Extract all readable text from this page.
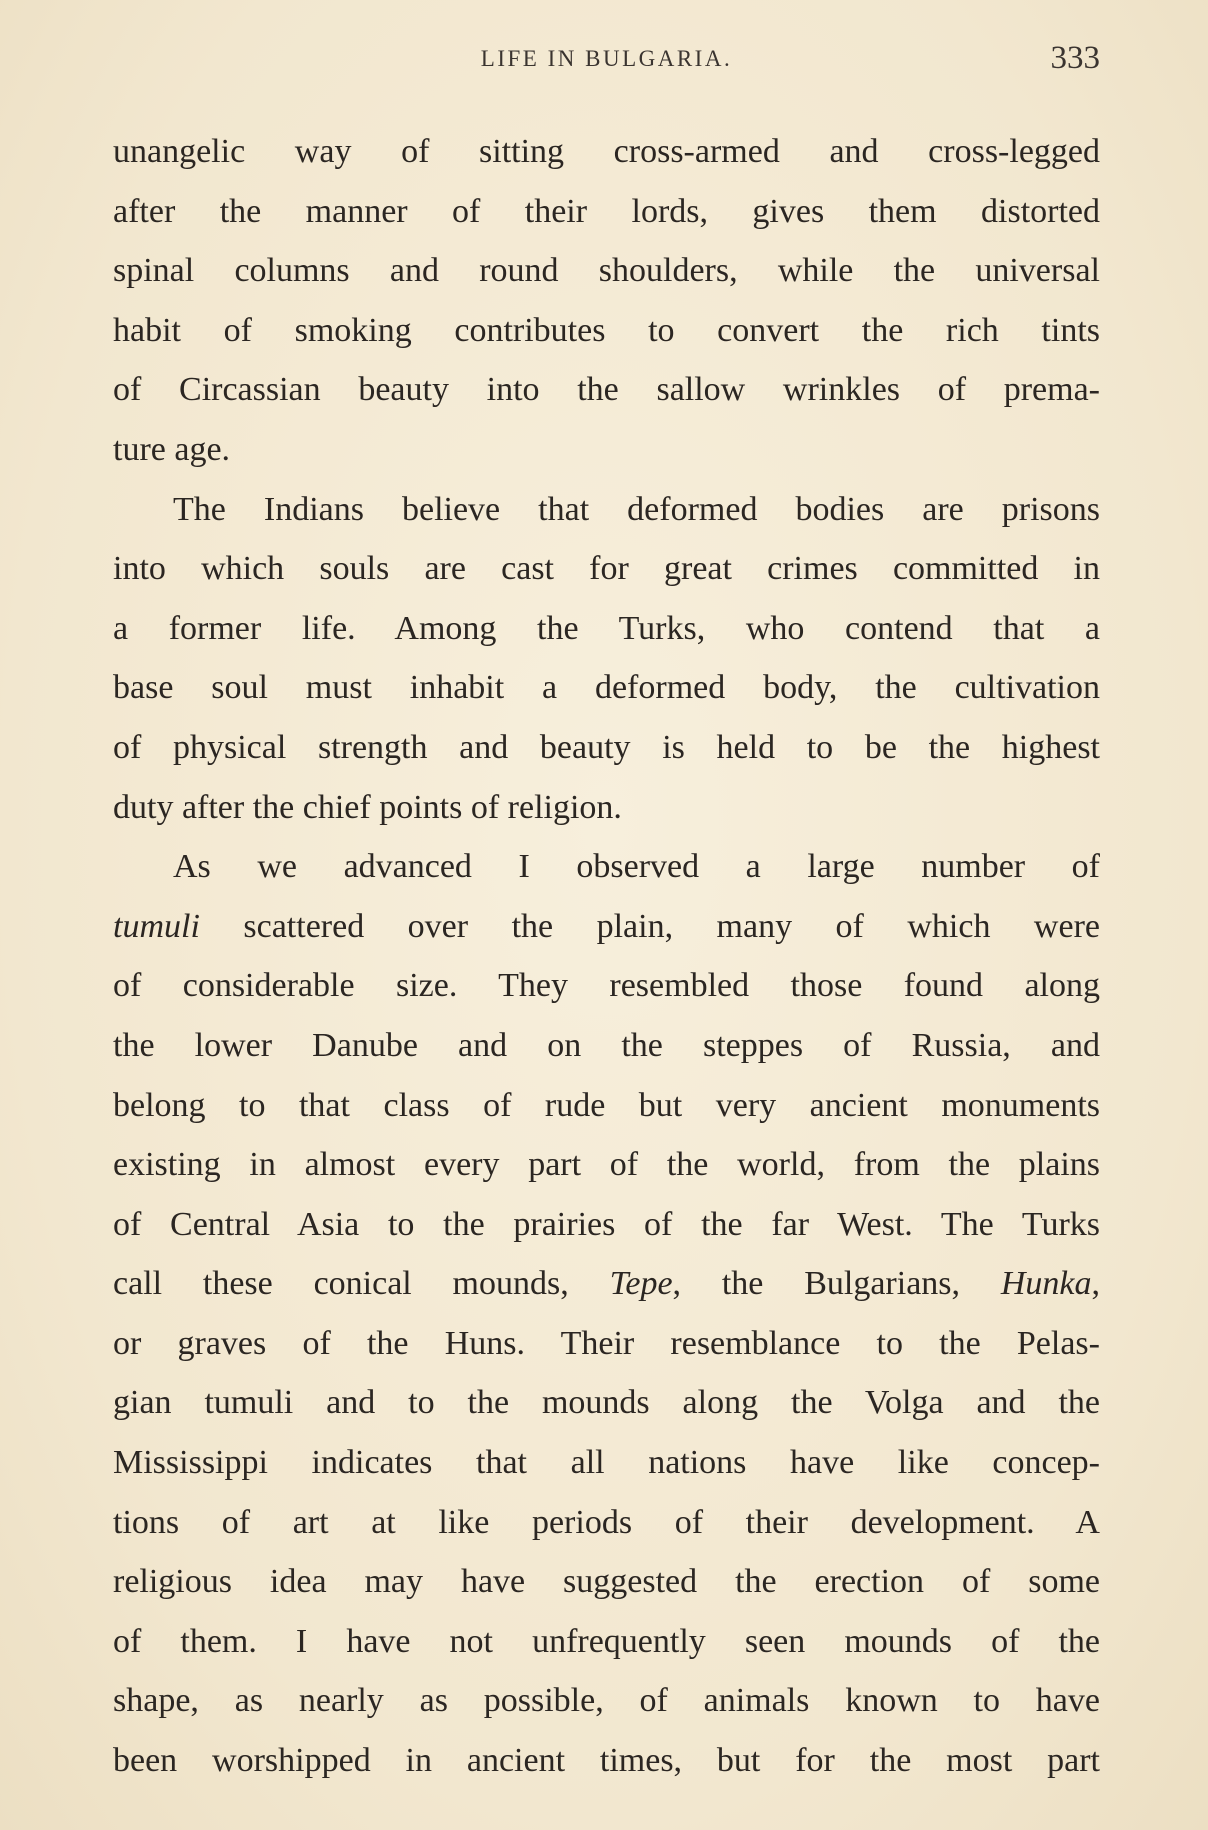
LIFE IN BULGARIA.	333
unangelic way of sitting cross-armed and cross-legged
after the manner of their lords, gives them distorted
spinal columns and round shoulders, while the universal
habit of smoking contributes to convert the rich tints
of Circassian beauty into the sallow wrinkles of prema-
ture age.
The Indians believe that deformed bodies are prisons
into which souls are cast for great crimes committed in
a former life. Among the Turks, who contend that a
base soul must inhabit a deformed body, the cultivation
of physical strength and beauty is held to be the highest
duty after the chief points of religion.
As we advanced I observed a large number of
tumuli scattered over the plain, many of which were
of considerable size. They resembled those found along
the lower Danube and on the steppes of Russia, and
belong to that class of rude but very ancient monuments
existing in almost every part of the world, from the plains
of Central Asia to the prairies of the far West. The Turks
call these conical mounds, Tepe, the Bulgarians, Hunka,
or graves of the Huns. Their resemblance to the Pelas-
gian tumuli and to the mounds along the Volga and the
Mississippi indicates that all nations have like concep-
tions of art at like periods of their development. A
religious idea may have suggested the erection of some
of them. I have not unfrequently seen mounds of the
shape, as nearly as possible, of animals known to have
been worshipped in ancient times, but for the most part
